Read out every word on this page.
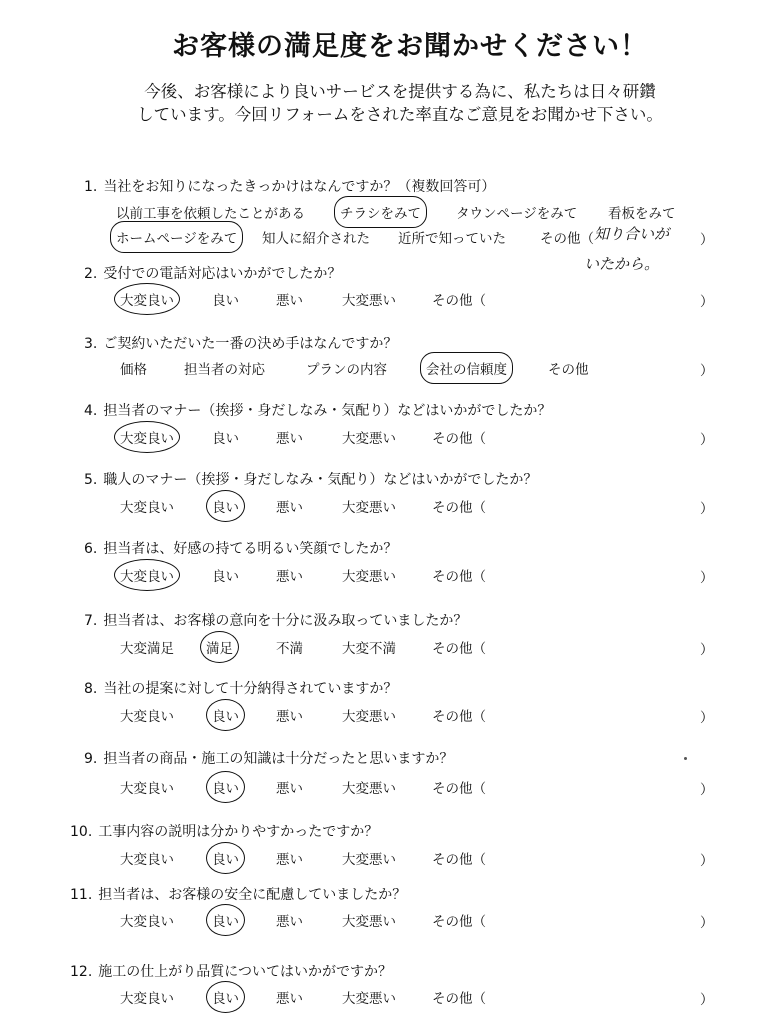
お客様の満足度をお聞かせください！
今後、お客様により良いサービスを提供する為に、私たちは日々研鑽
しています。今回リフォームをされた率直なご意見をお聞かせ下さい。
1. 当社をお知りになったきっかけはなんですか？（複数回答可）
以前工事を依頼したことがある	チラシをみて	タウンページをみて 看板をみて
ホームページをみて 知人に紹介された 近所で知っていた	その他（ 知り合いが ）
いたから。
2. 受付での電話対応はいかがでしたか？
大変良い	良い	悪い	大変悪い	その他（	）
3. ご契約いただいた一番の決め手はなんですか？
価格	担当者の対応	プランの内容	会社の信頼度	その他	）
4. 担当者のマナー（挨拶・身だしなみ・気配り）などはいかがでしたか？
大変良い	良い	悪い	大変悪い	その他（	）
5. 職人のマナー（挨拶・身だしなみ・気配り）などはいかがでしたか？
大変良い	良い	悪い	大変悪い	その他（	）
6. 担当者は、好感の持てる明るい笑顔でしたか？
大変良い	良い	悪い	大変悪い	その他（	）
7. 担当者は、お客様の意向を十分に汲み取っていましたか？
大変満足 満足	不満	大変不満	その他（	）
8. 当社の提案に対して十分納得されていますか？
大変良い	良い	悪い	大変悪い	その他（	）
9. 担当者の商品・施工の知識は十分だったと思いますか？
大変良い	良い	悪い	大変悪い	その他（	）
10. 工事内容の説明は分かりやすかったですか？
大変良い	良い	悪い	大変悪い	その他（	）
11. 担当者は、お客様の安全に配慮していましたか？
大変良い	良い	悪い	大変悪い	その他（	）
12. 施工の仕上がり品質についてはいかがですか？
大変良い	良い	悪い	大変悪い	その他（	）
